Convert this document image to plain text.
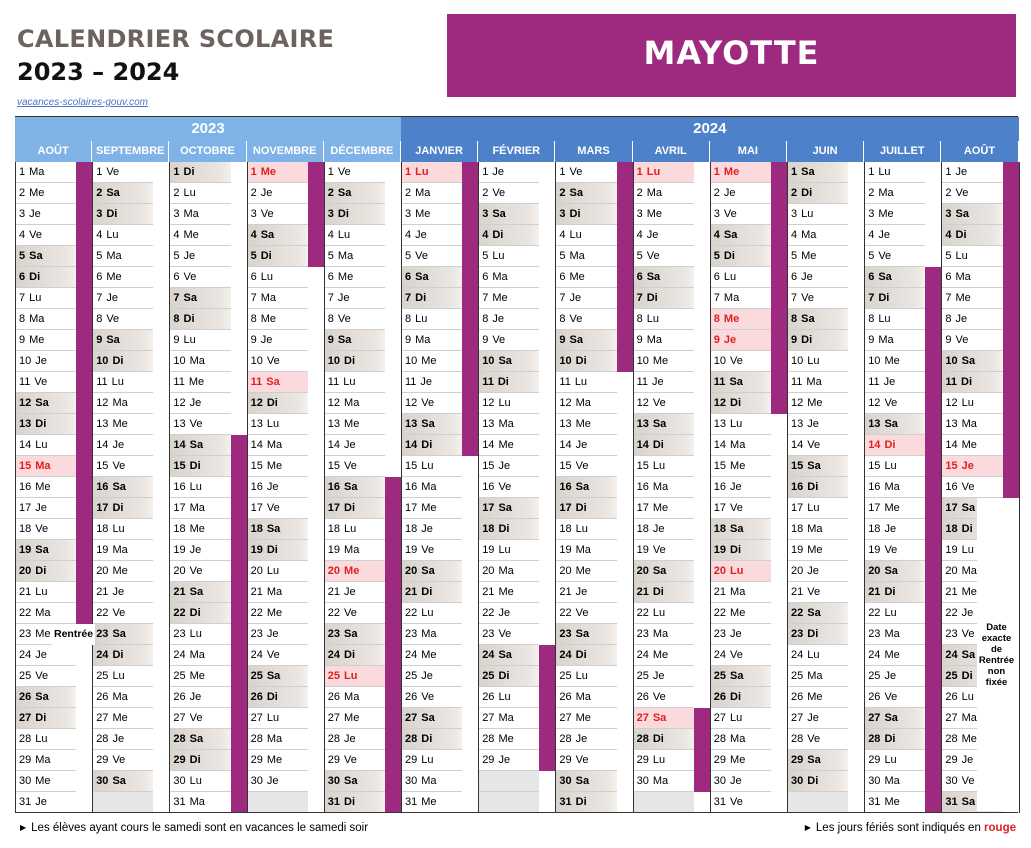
CALENDRIER SCOLAIRE
2023 – 2024
vacances-scolaires-gouv.com
MAYOTTE
2023	2024
AOÛT
1 Ma
2 Me
3 Je
4 Ve
5 Sa
6 Di
7 Lu
8 Ma
9 Me
10 Je
11 Ve
12 Sa
13 Di
14 Lu
15 Ma
16 Me
17 Je
18 Ve
19 Sa
20 Di
21 Lu
22 Ma
23 Me
24 Je
25 Ve
26 Sa
27 Di
28 Lu
29 Ma
30 Me
31 Je
SEPTEMBRE
1 Ve
2 Sa
3 Di
4 Lu
5 Ma
6 Me
7 Je
8 Ve
9 Sa
10 Di
11 Lu
12 Ma
13 Me
14 Je
15 Ve
16 Sa
17 Di
18 Lu
19 Ma
20 Me
21 Je
22 Ve
23 Sa
24 Di
25 Lu
26 Ma
27 Me
28 Je
29 Ve
30 Sa
OCTOBRE
1 Di
2 Lu
3 Ma
4 Me
5 Je
6 Ve
7 Sa
8 Di
9 Lu
10 Ma
11 Me
12 Je
13 Ve
14 Sa
15 Di
16 Lu
17 Ma
18 Me
19 Je
20 Ve
21 Sa
22 Di
23 Lu
24 Ma
25 Me
26 Je
27 Ve
28 Sa
29 Di
30 Lu
31 Ma
NOVEMBRE
1 Me
2 Je
3 Ve
4 Sa
5 Di
6 Lu
7 Ma
8 Me
9 Je
10 Ve
11 Sa
12 Di
13 Lu
14 Ma
15 Me
16 Je
17 Ve
18 Sa
19 Di
20 Lu
21 Ma
22 Me
23 Je
24 Ve
25 Sa
26 Di
27 Lu
28 Ma
29 Me
30 Je
DÉCEMBRE
1 Ve
2 Sa
3 Di
4 Lu
5 Ma
6 Me
7 Je
8 Ve
9 Sa
10 Di
11 Lu
12 Ma
13 Me
14 Je
15 Ve
16 Sa
17 Di
18 Lu
19 Ma
20 Me
21 Je
22 Ve
23 Sa
24 Di
25 Lu
26 Ma
27 Me
28 Je
29 Ve
30 Sa
31 Di
JANVIER
1 Lu
2 Ma
3 Me
4 Je
5 Ve
6 Sa
7 Di
8 Lu
9 Ma
10 Me
11 Je
12 Ve
13 Sa
14 Di
15 Lu
16 Ma
17 Me
18 Je
19 Ve
20 Sa
21 Di
22 Lu
23 Ma
24 Me
25 Je
26 Ve
27 Sa
28 Di
29 Lu
30 Ma
31 Me
FÉVRIER
1 Je
2 Ve
3 Sa
4 Di
5 Lu
6 Ma
7 Me
8 Je
9 Ve
10 Sa
11 Di
12 Lu
13 Ma
14 Me
15 Je
16 Ve
17 Sa
18 Di
19 Lu
20 Ma
21 Me
22 Je
23 Ve
24 Sa
25 Di
26 Lu
27 Ma
28 Me
29 Je
MARS
1 Ve
2 Sa
3 Di
4 Lu
5 Ma
6 Me
7 Je
8 Ve
9 Sa
10 Di
11 Lu
12 Ma
13 Me
14 Je
15 Ve
16 Sa
17 Di
18 Lu
19 Ma
20 Me
21 Je
22 Ve
23 Sa
24 Di
25 Lu
26 Ma
27 Me
28 Je
29 Ve
30 Sa
31 Di
AVRIL
1 Lu
2 Ma
3 Me
4 Je
5 Ve
6 Sa
7 Di
8 Lu
9 Ma
10 Me
11 Je
12 Ve
13 Sa
14 Di
15 Lu
16 Ma
17 Me
18 Je
19 Ve
20 Sa
21 Di
22 Lu
23 Ma
24 Me
25 Je
26 Ve
27 Sa
28 Di
29 Lu
30 Ma
MAI
1 Me
2 Je
3 Ve
4 Sa
5 Di
6 Lu
7 Ma
8 Me
9 Je
10 Ve
11 Sa
12 Di
13 Lu
14 Ma
15 Me
16 Je
17 Ve
18 Sa
19 Di
20 Lu
21 Ma
22 Me
23 Je
24 Ve
25 Sa
26 Di
27 Lu
28 Ma
29 Me
30 Je
31 Ve
JUIN
1 Sa
2 Di
3 Lu
4 Ma
5 Me
6 Je
7 Ve
8 Sa
9 Di
10 Lu
11 Ma
12 Me
13 Je
14 Ve
15 Sa
16 Di
17 Lu
18 Ma
19 Me
20 Je
21 Ve
22 Sa
23 Di
24 Lu
25 Ma
26 Me
27 Je
28 Ve
29 Sa
30 Di
JUILLET
1 Lu
2 Ma
3 Me
4 Je
5 Ve
6 Sa
7 Di
8 Lu
9 Ma
10 Me
11 Je
12 Ve
13 Sa
14 Di
15 Lu
16 Ma
17 Me
18 Je
19 Ve
20 Sa
21 Di
22 Lu
23 Ma
24 Me
25 Je
26 Ve
27 Sa
28 Di
29 Lu
30 Ma
31 Me
AOÛT
1 Je
2 Ve
3 Sa
4 Di
5 Lu
6 Ma
7 Me
8 Je
9 Ve
10 Sa
11 Di
12 Lu
13 Ma
14 Me
15 Je
16 Ve
17 Sa
18 Di
19 Lu
20 Ma
21 Me
22 Je
23 Ve
24 Sa
25 Di
26 Lu
27 Ma
28 Me
29 Je
30 Ve
31 Sa
Rentrée
Date
exacte
de
Rentrée
non
fixée
▶ Les élèves ayant cours le samedi sont en vacances le samedi soir	▶ Les jours fériés sont indiqués en rouge
